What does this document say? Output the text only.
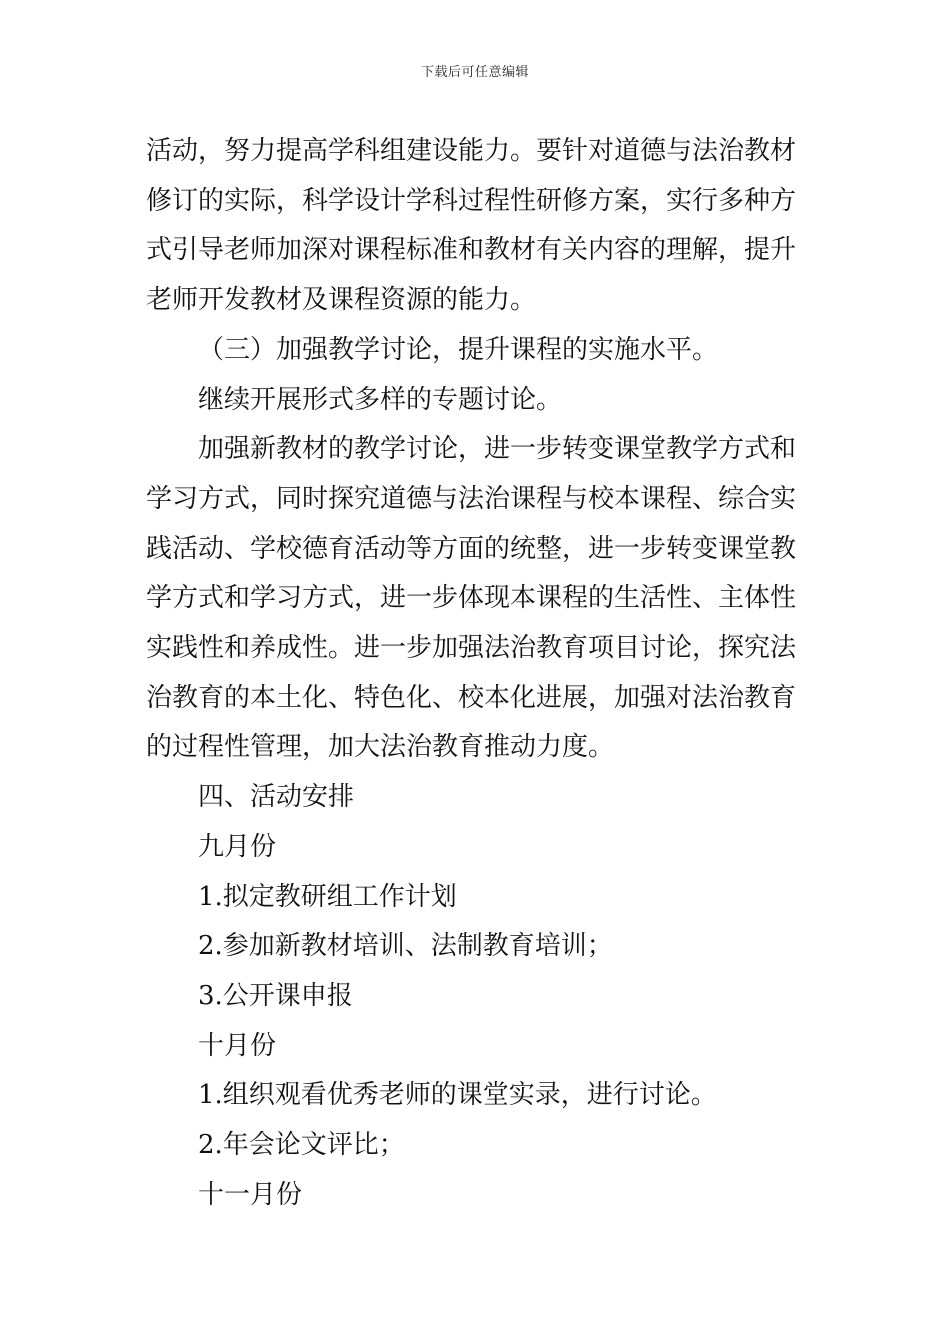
下载后可任意编辑

活动，努力提高学科组建设能力。要针对道德与法治教材

修订的实际，科学设计学科过程性研修方案，实行多种方

式引导老师加深对课程标准和教材有关内容的理解，提升

老师开发教材及课程资源的能力。

（三）加强教学讨论，提升课程的实施水平。

继续开展形式多样的专题讨论。

加强新教材的教学讨论，进一步转变课堂教学方式和

学习方式，同时探究道德与法治课程与校本课程、综合实

践活动、学校德育活动等方面的统整，进一步转变课堂教

学方式和学习方式，进一步体现本课程的生活性、主体性

实践性和养成性。进一步加强法治教育项目讨论，探究法

治教育的本土化、特色化、校本化进展，加强对法治教育

的过程性管理，加大法治教育推动力度。

四、活动安排

九月份

1.拟定教研组工作计划

2.参加新教材培训、法制教育培训；

3.公开课申报

十月份

1.组织观看优秀老师的课堂实录，进行讨论。

2.年会论文评比；

十一月份
